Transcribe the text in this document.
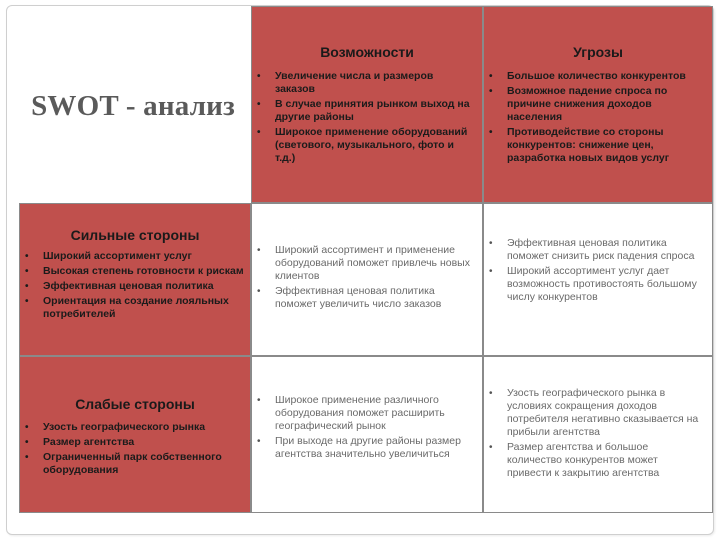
SWOT - анализ
Возможности
• Увеличение числа и размеров заказов
• В случае принятия рынком выход на другие районы
• Широкое применение оборудований (светового, музыкального, фото и т.д.)
Угрозы
• Большое количество конкурентов
• Возможное падение спроса по причине снижения доходов населения
• Противодействие со стороны конкурентов: снижение цен, разработка новых видов услуг
Сильные стороны
• Широкий ассортимент услуг
• Высокая степень готовности к рискам
• Эффективная ценовая политика
• Ориентация на создание лояльных потребителей
• Широкий ассортимент и применение оборудований поможет привлечь новых клиентов
• Эффективная ценовая политика поможет увеличить число заказов
• Эффективная ценовая политика поможет снизить риск падения спроса
• Широкий ассортимент услуг дает возможность противостоять большому числу конкурентов
Слабые стороны
• Узость географического рынка
• Размер агентства
• Ограниченный парк собственного оборудования
• Широкое применение различного оборудования поможет расширить географический рынок
• При выходе на другие районы размер агентства значительно увеличиться
• Узость географического рынка в условиях сокращения доходов потребителя негативно сказывается на прибыли агентства
• Размер агентства и большое количество конкурентов может привести к закрытию агентства
